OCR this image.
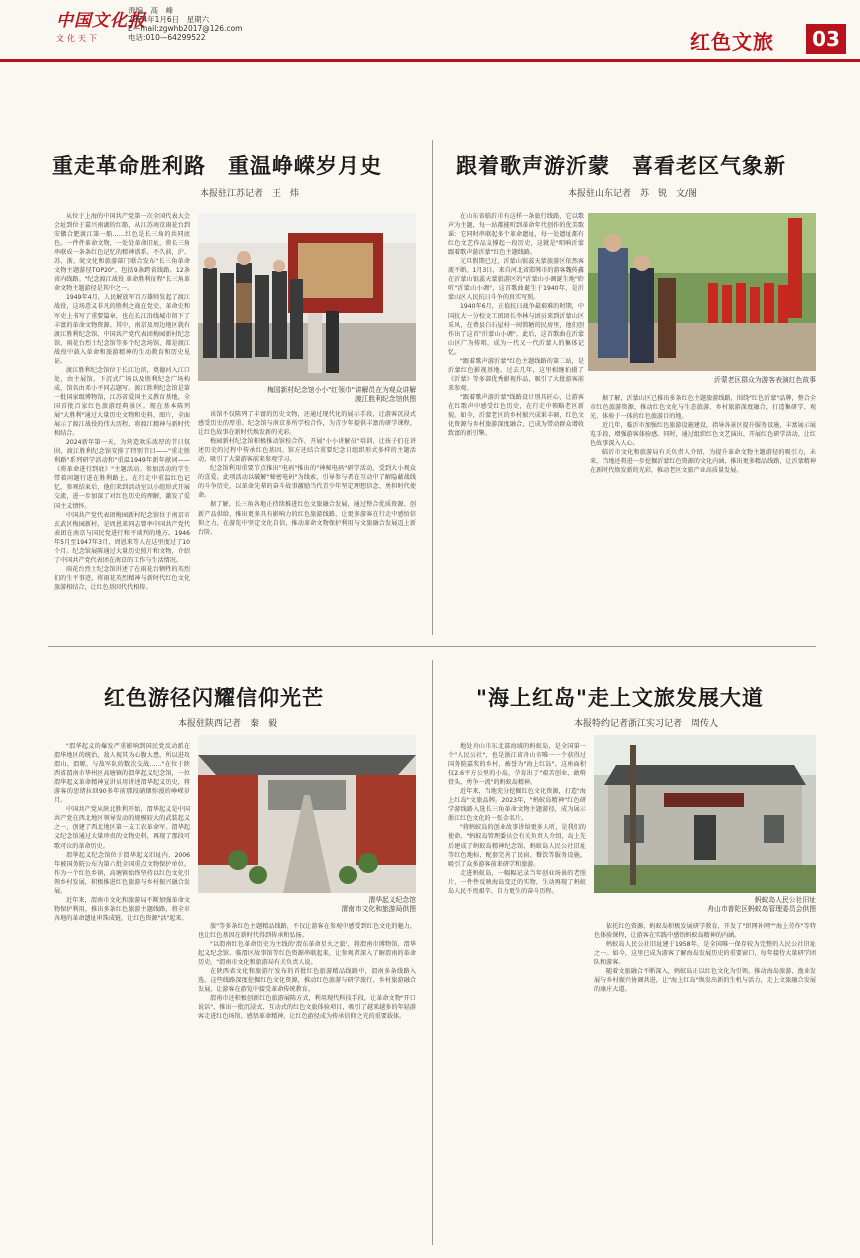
中国文化报
文化天下
责编　高　峰
2024年1月6日　星期六
E—mail:zgwhb2017@126.com
电话:010—64299522	红色文旅	03
重走革命胜利路　重温峥嵘岁月史
本报驻江苏记者　王　炜

从位于上海的中国共产党第一次全国代表大会会址到位于嘉兴南湖的红船，从江苏南京雨花台到安徽合肥渡江第一船……红色是长三角的共同底色。一件件革命文物，一处处革命旧址，将长三角串联成一条条红色记忆的精神谱系。不久前，沪、苏、浙、皖文化和旅游部门联合发布"长三角革命文物主题游径TOP20"，包括9条跨省线路、12条省内线路。"纪念渡江战役 革命胜利征程"长三角革命文物主题游径是其中之一。

1949年4月，人民解放军百万雄师发起了渡江战役，这场意义非凡的胜利之战在党史、革命史和军史上书写了重要篇章，也在长江沿线城市留下了丰富的革命文物资源。其中，南京及周边地区就有渡江胜利纪念馆、中国共产党代表团梅园新村纪念馆、雨花台烈士纪念馆等多个纪念场馆，都是渡江战役中载入革命和旅游精神的生动教育和历史见证。

渡江胜利纪念馆位于长江边滨，奠德河入江口处，由主展馆、下沉式广场以及胜利纪念广场构成，馆名由邓小平同志题写。渡江胜利纪念馆是第一批国家级博物馆，江苏省爱国主义教育基地，全国首批百家红色旅游经典景区。现在基本陈列展"大胜利"通过大量历史文物和史料、图片，全面展示了渡江战役的伟大历程，将渡江精神与新时代相结合。

2024新年第一天，为营造欢乐浓厚的节日氛围，渡江胜利纪念馆安排了特别节目——"重走胜利路"系列研学活动和"重温1949年新年献词——《将革命进行到底》"主题活动。参加活动的学生带着问题行进在胜利路上，在行走中重温红色记忆，参观结束后，他们来到活动室以小组形式开展交流，进一步加深了对红色历史的理解，激发了爱国主义情怀。

中国共产党代表团梅园新村纪念馆位于南京市玄武区梅园新村，是周恩来同志曾率中国共产党代表团在南京与国民党进行和平谈判的地方。1946年5月至1947年3月，周恩来等人在这里度过了10个月。纪念馆展陈通过大量历史照片和文物，介绍了中国共产党代表团在南京的工作与生活情况。

雨花台烈士纪念馆讲述了在雨花台牺牲的英烈们的生平事迹，将雨花英烈精神与新时代红色文化旅游相结合，让红色基因代代相传。

梅园新村纪念馆小小"红领巾"讲解员在为观众讲解
渡江胜利纪念馆供图

该馆不仅陈列了丰富的历史文物，还通过现代化的展示手段，让游客沉浸式感受历史的厚重。纪念馆与南京多所学校合作，为青少年提供丰富的研学课程，让红色故事在新时代焕发新的光彩。

梅园新村纪念馆积极推动馆校合作，开展"小小讲解员"培训，让孩子们在讲述历史的过程中传承红色基因。馆方还结合重要纪念日组织形式多样的主题活动，吸引了大量游客前来参观学习。

纪念馆利用重要节点推出"电码"推出的"神秘电码"研学活动，受到大小观众的喜爱。此项活动以破解"秘密电码"为线索，引导参与者在互动中了解隐蔽战线的斗争历史，以革命先辈的奋斗故事激励当代青少年坚定理想信念、勇担时代使命。

据了解，长三角各地正持续推进红色文旅融合发展，通过整合优质资源、创新产品供给，推出更多具有影响力的红色旅游线路，让更多游客在行走中感悟信仰之力，在游览中坚定文化自信，推动革命文物保护利用与文旅融合发展迈上新台阶。

跟着歌声游沂蒙　喜看老区气象新
本报驻山东记者　苏　锐　文/图

在山东省临沂市有这样一条旅行线路，它以歌声为主题，每一站都能听到革命年代创作的优美歌谣：它同时串联起多个革命遗址，每一处遗址都有红色文艺作品支撑起一段历史，这就是"唱响沂蒙 跟着歌声游沂蒙"红色主题线路。

元旦假期已过，沂蒙山银蕊天蒙旅游区依然客流不断。1月3日，来自河北省邯郸市的游客魏传鑫在沂蒙山银蕊天蒙旅游区的"沂蒙山小调诞生地"聆听"沂蒙山小调"，这首歌曲诞生于1940年，是沂蒙山区人民抗日斗争的真实写照。

1940年6月，正值抗日战争最艰难的时期，中国抗大一分校文工团团长李林与团员来到沂蒙山区采风，在费县白石屋村一间简陋的民房里，他们创作出了这首"沂蒙山小调"。此后，这首歌曲在沂蒙山区广为传唱，成为一代又一代沂蒙人的集体记忆。

"跟着歌声游沂蒙"红色主题线路的第二站，是沂蒙红色影视基地。过去几年，这里相继拍摄了《沂蒙》等多部优秀影视作品，吸引了大批游客前来参观。

"跟着歌声游沂蒙"线路设计别具匠心，让游客在红歌声中感受红色历史，在行走中领略老区新貌。如今，沂蒙老区的乡村振兴成果丰硕，红色文化资源与乡村旅游深度融合，已成为带动群众增收致富的新引擎。

沂蒙老区群众为游客表演红色故事

据了解，沂蒙山区已推出多条红色主题旅游线路，围绕"红色沂蒙"品牌，整合全市红色旅游资源，推动红色文化与生态旅游、乡村旅游深度融合，打造集研学、观光、体验于一体的红色旅游目的地。

近几年，临沂市加强红色旅游设施建设，指导各景区提升服务设施，丰富展示展览手段，增强游客体验感。同时，通过组织红色文艺演出、开展红色研学活动，让红色故事深入人心。

临沂市文化和旅游局有关负责人介绍，为提升革命文物主题游径的吸引力，未来，当地还将进一步挖掘沂蒙红色资源的文化内涵，推出更多精品线路，让沂蒙精神在新时代焕发新的光彩，推动老区文旅产业高质量发展。

红色游径闪耀信仰光芒
本报驻陕西记者　秦　毅

"渭华起义的爆发严重影响到国民党反动派在渭华地区的统治，敌人视其为心腹大患，所以进攻渭山、渭塬，与敌军队的数次交战……"在位于陕西省渭南市华州区高塘镇的渭华起义纪念馆，一位渭华起义革命精神宣讲员用讲述渭华起义历史，将游客的思绪拉回90多年前那段硝烟弥漫的峥嵘岁月。

中国共产党从陕北胜利开始，渭华起义是中国共产党在西北地区领导发动的规模较大的武装起义之一，创建了西北地区第一支工农革命军。渭华起义纪念馆通过大量珍贵的文物史料，再现了那段可歌可泣的革命历史。

渭华起义纪念馆位于渭华起义旧址内，2006年被国务院公布为第六批全国重点文物保护单位。作为一个红色乡镇，高塘镇始终坚持以红色文化引领乡村发展，积极推进红色旅游与乡村振兴融合发展。

近年来，渭南市文化和旅游局不断加强革命文物保护利用，推出多条红色旅游主题线路，将全市各地的革命遗址串珠成链，让红色资源"活"起来。

渭华起义纪念馆
渭南市文化和旅游局供图

旅"等多条红色主题精品线路，不仅让游客在参观中感受到红色文化的魅力，也让红色基因在新时代得到传承和弘扬。

"以渭南红色革命历史为主线的'渭东革命星火之旅'，将渭南市博物馆、渭华起义纪念馆、临渭区故事馆等红色资源串联起来，让参观者深入了解渭南的革命历史。"渭南市文化和旅游局有关负责人说。

在陕西省文化和旅游厅发布的首批红色旅游精品线路中，渭南多条线路入选。这些线路深度挖掘红色文化资源，推动红色旅游与研学旅行、乡村旅游融合发展，让游客在游览中接受革命传统教育。

渭南市还积极创新红色旅游展陈方式，利用现代科技手段，让革命文物"开口说话"，推出一批沉浸式、互动式的红色文旅体验项目，吸引了越来越多的年轻游客走进红色场馆、感悟革命精神，让红色游径成为传承信仰之光的重要载体。

"海上红岛"走上文旅发展大道
本报特约记者浙江实习记者　周传人

地处舟山市东北部海域的蚂蚁岛，是全国第一个"人民公社"，也是浙江省舟山市唯一一个获得过国务院嘉奖的乡村，被誉为"海上红岛"。这座面积仅2.6平方公里的小岛，孕育出了"艰苦创业、敢啃骨头、勇争一流"的蚂蚁岛精神。

近年来，当地充分挖掘红色文化资源，打造"海上红岛"文旅品牌。2023年，"蚂蚁岛精神"红色研学游线路入选长三角革命文物主题游径，成为展示浙江红色文化的一张金名片。

"将蚂蚁岛的创业故事讲给更多人听，是我们的使命。"蚂蚁岛管理委员会有关负责人介绍，岛上先后建成了蚂蚁岛精神纪念馆、蚂蚁岛人民公社旧址等红色地标，配套完善了民宿、餐饮等服务设施，吸引了众多游客前来研学和旅游。

走进蚂蚁岛，一幅幅记录当年创业场景的老照片、一件件反映海岛变迁的实物，生动再现了蚂蚁岛人民不畏艰辛、自力更生的奋斗历程。

蚂蚁岛人民公社旧址
舟山市普陀区蚂蚁岛管理委员会供图

依托红色资源，蚂蚁岛积极发展研学教育，开发了"织网补网""海上劳作"等特色体验课程，让游客在实践中感悟蚂蚁岛精神的内涵。

蚂蚁岛人民公社旧址建于1958年，是全国唯一保存较为完整的人民公社旧址之一。如今，这里已成为游客了解海岛发展历史的重要窗口，每年接待大量研学团队和游客。

随着文旅融合不断深入，蚂蚁岛正以红色文化为引领，推动海岛旅游、渔业发展与乡村振兴协调共进，让"海上红岛"焕发出新的生机与活力，走上文旅融合发展的康庄大道。
